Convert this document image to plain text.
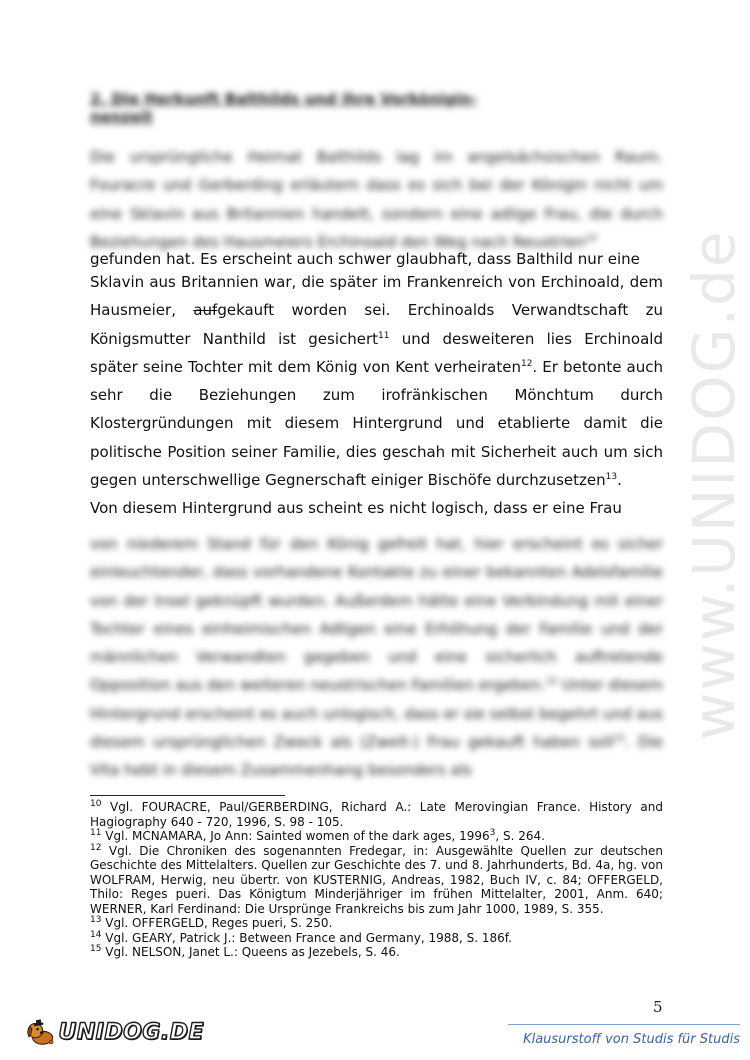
2. Die Herkunft Balthilds und ihre Vorköniginnenzeit

Die ursprüngliche Heimat Balthilds lag im angelsächsischen Raum. Fouracre und Gerberding erläutern dass es sich bei der Königin nicht um eine Sklavin aus Britannien handelt, sondern eine adlige Frau, die durch Beziehungen des Hausmeiers Erchinoald den Weg nach Neustrien$^{10}$

gefunden hat. Es erscheint auch schwer glaubhaft, dass Balthild nur eine

Sklavin aus Britannien war, die später im Frankenreich von Erchinoald, dem Hausmeier, aufgekauft worden sei. Erchinoalds Verwandtschaft zu Königsmutter Nanthild ist gesichert$^{11}$ und desweiteren lies Erchinoald später seine Tochter mit dem König von Kent verheiraten$^{12}$. Er betonte auch sehr die Beziehungen zum irofränkischen Mönchtum durch Klostergründungen mit diesem Hintergrund und etablierte damit die politische Position seiner Familie, dies geschah mit Sicherheit auch um sich gegen unterschwellige Gegnerschaft einiger Bischöfe durchzusetzen$^{13}$.
Von diesem Hintergrund aus scheint es nicht logisch, dass er eine Frau

von niederem Stand für den König gefreit hat, hier erscheint es sicher einleuchtender, dass vorhandene Kontakte zu einer bekannten Adelsfamilie von der Insel geknüpft wurden. Außerdem hätte eine Verbindung mit einer Tochter eines einheimischen Adligen eine Erhöhung der Familie und der männlichen Verwandten gegeben und eine sicherlich auftretende Opposition aus den weiteren neustrischen Familien ergeben.$^{14}$ Unter diesem Hintergrund erscheint es auch unlogisch, dass er sie selbst begehrt und aus diesem ursprünglichen Zweck als (Zweit-) Frau gekauft haben soll$^{15}$. Die Vita hebt in diesem Zusammenhang besonders als

$^{10}$ Vgl. FOURACRE, Paul/GERBERDING, Richard A.: Late Merovingian France. History and Hagiography 640 - 720, 1996, S. 98 - 105.

$^{11}$ Vgl. MCNAMARA, Jo Ann: Sainted women of the dark ages, 1996$^3$, S. 264.

$^{12}$ Vgl. Die Chroniken des sogenannten Fredegar, in: Ausgewählte Quellen zur deutschen Geschichte des Mittelalters. Quellen zur Geschichte des 7. und 8. Jahrhunderts, Bd. 4a, hg. von WOLFRAM, Herwig, neu übertr. von KUSTERNIG, Andreas, 1982, Buch IV, c. 84; OFFERGELD, Thilo: Reges pueri. Das Königtum Minderjähriger im frühen Mittelalter, 2001, Anm. 640; WERNER, Karl Ferdinand: Die Ursprünge Frankreichs bis zum Jahr 1000, 1989, S. 355.

$^{13}$ Vgl. OFFERGELD, Reges pueri, S. 250.

$^{14}$ Vgl. GEARY, Patrick J.: Between France and Germany, 1988, S. 186f.

$^{15}$ Vgl. NELSON, Janet L.: Queens as Jezebels, S. 46.

www.UNIDOG.de
5
UNIDOG.DE	Klausurstoff von Studis für Studis
